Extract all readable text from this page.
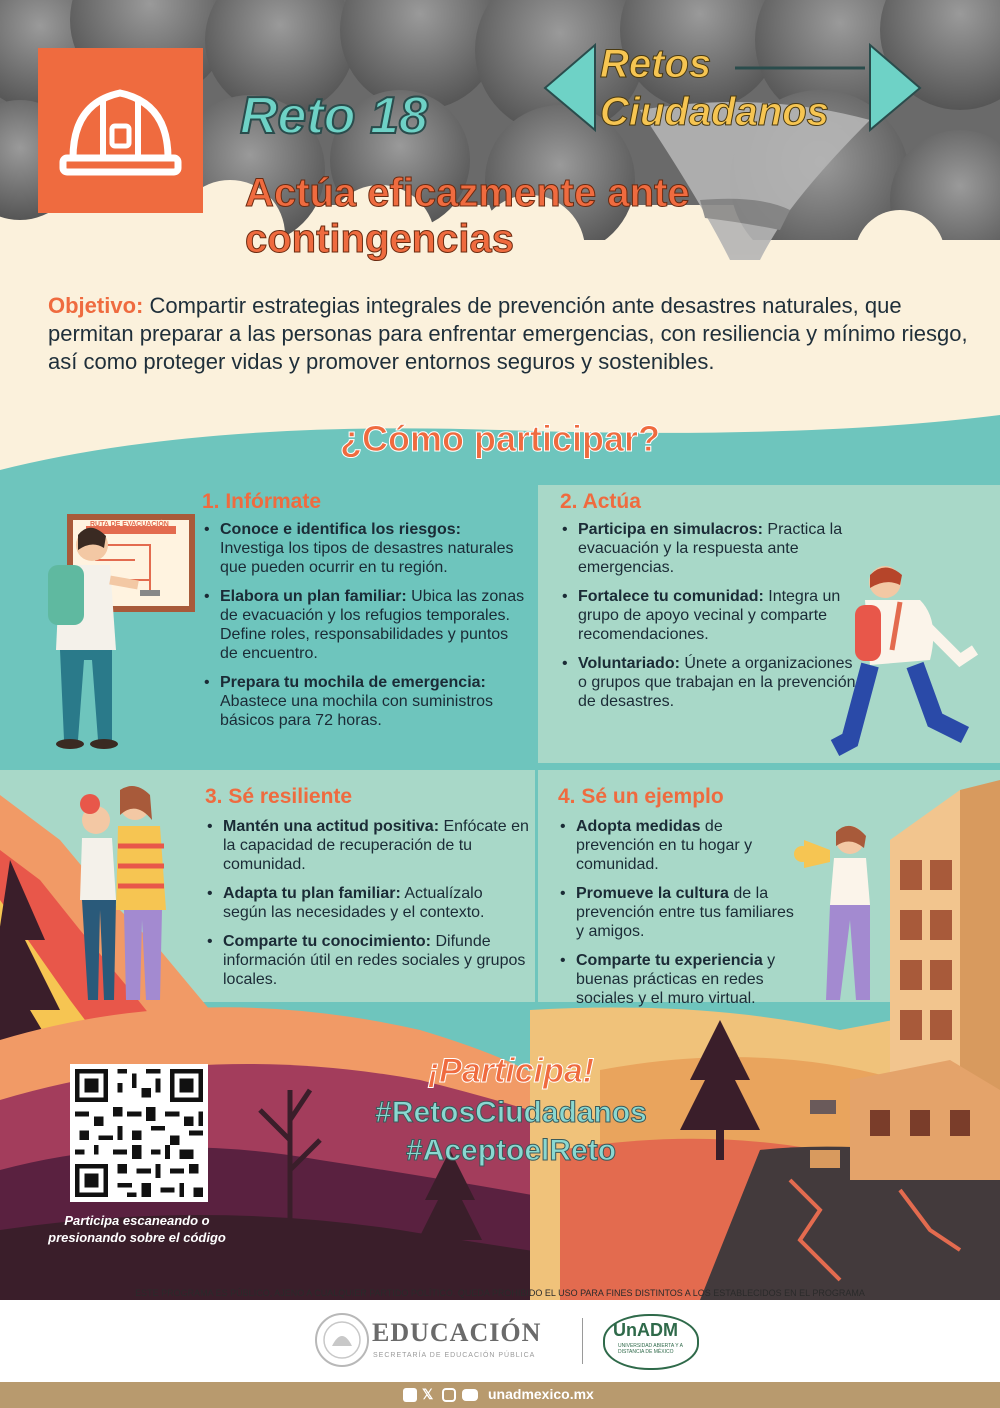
Reto 18
Retos
Ciudadanos
Actúa eficazmente ante
contingencias
Objetivo: Compartir estrategias integrales de prevención ante desastres naturales, que permitan preparar a las personas para enfrentar emergencias, con resiliencia y mínimo riesgo, así como proteger vidas y promover entornos seguros y sostenibles.
¿Cómo participar?
RUTA DE EVACUACIÓN
1. Infórmate
• Conoce e identifica los riesgos: Investiga los tipos de desastres naturales que pueden ocurrir en tu región.
• Elabora un plan familiar: Ubica las zonas de evacuación y los refugios temporales. Define roles, responsabilidades y puntos de encuentro.
• Prepara tu mochila de emergencia: Abastece una mochila con suministros básicos para 72 horas.
2. Actúa
• Participa en simulacros: Practica la evacuación y la respuesta ante emergencias.
• Fortalece tu comunidad: Integra un grupo de apoyo vecinal y comparte recomendaciones.
• Voluntariado: Únete a organizaciones o grupos que trabajan en la prevención de desastres.
3. Sé resiliente
• Mantén una actitud positiva: Enfócate en la capacidad de recuperación de tu comunidad.
• Adapta tu plan familiar: Actualízalo según las necesidades y el contexto.
• Comparte tu conocimiento: Difunde información útil en redes sociales y grupos locales.
4. Sé un ejemplo
• Adopta medidas de prevención en tu hogar y comunidad.
• Promueve la cultura de la prevención entre tus familiares y amigos.
• Comparte tu experiencia y buenas prácticas en redes sociales y el muro virtual.
¡Participa!
#RetosCiudadanos
#AceptoelReto
Participa escaneando o presionando sobre el código
ESTE PROGRAMA ES PÚBLICO, AJENO A CUALQUIER PARTIDO POLÍTICO. QUEDA PROHIBIDO EL USO PARA FINES DISTINTOS A LOS ESTABLECIDOS EN EL PROGRAMA
EDUCACIÓN
SECRETARÍA DE EDUCACIÓN PÚBLICA
UnADM
UNIVERSIDAD ABIERTA Y A DISTANCIA DE MÉXICO
𝕏	unadmexico.mx
